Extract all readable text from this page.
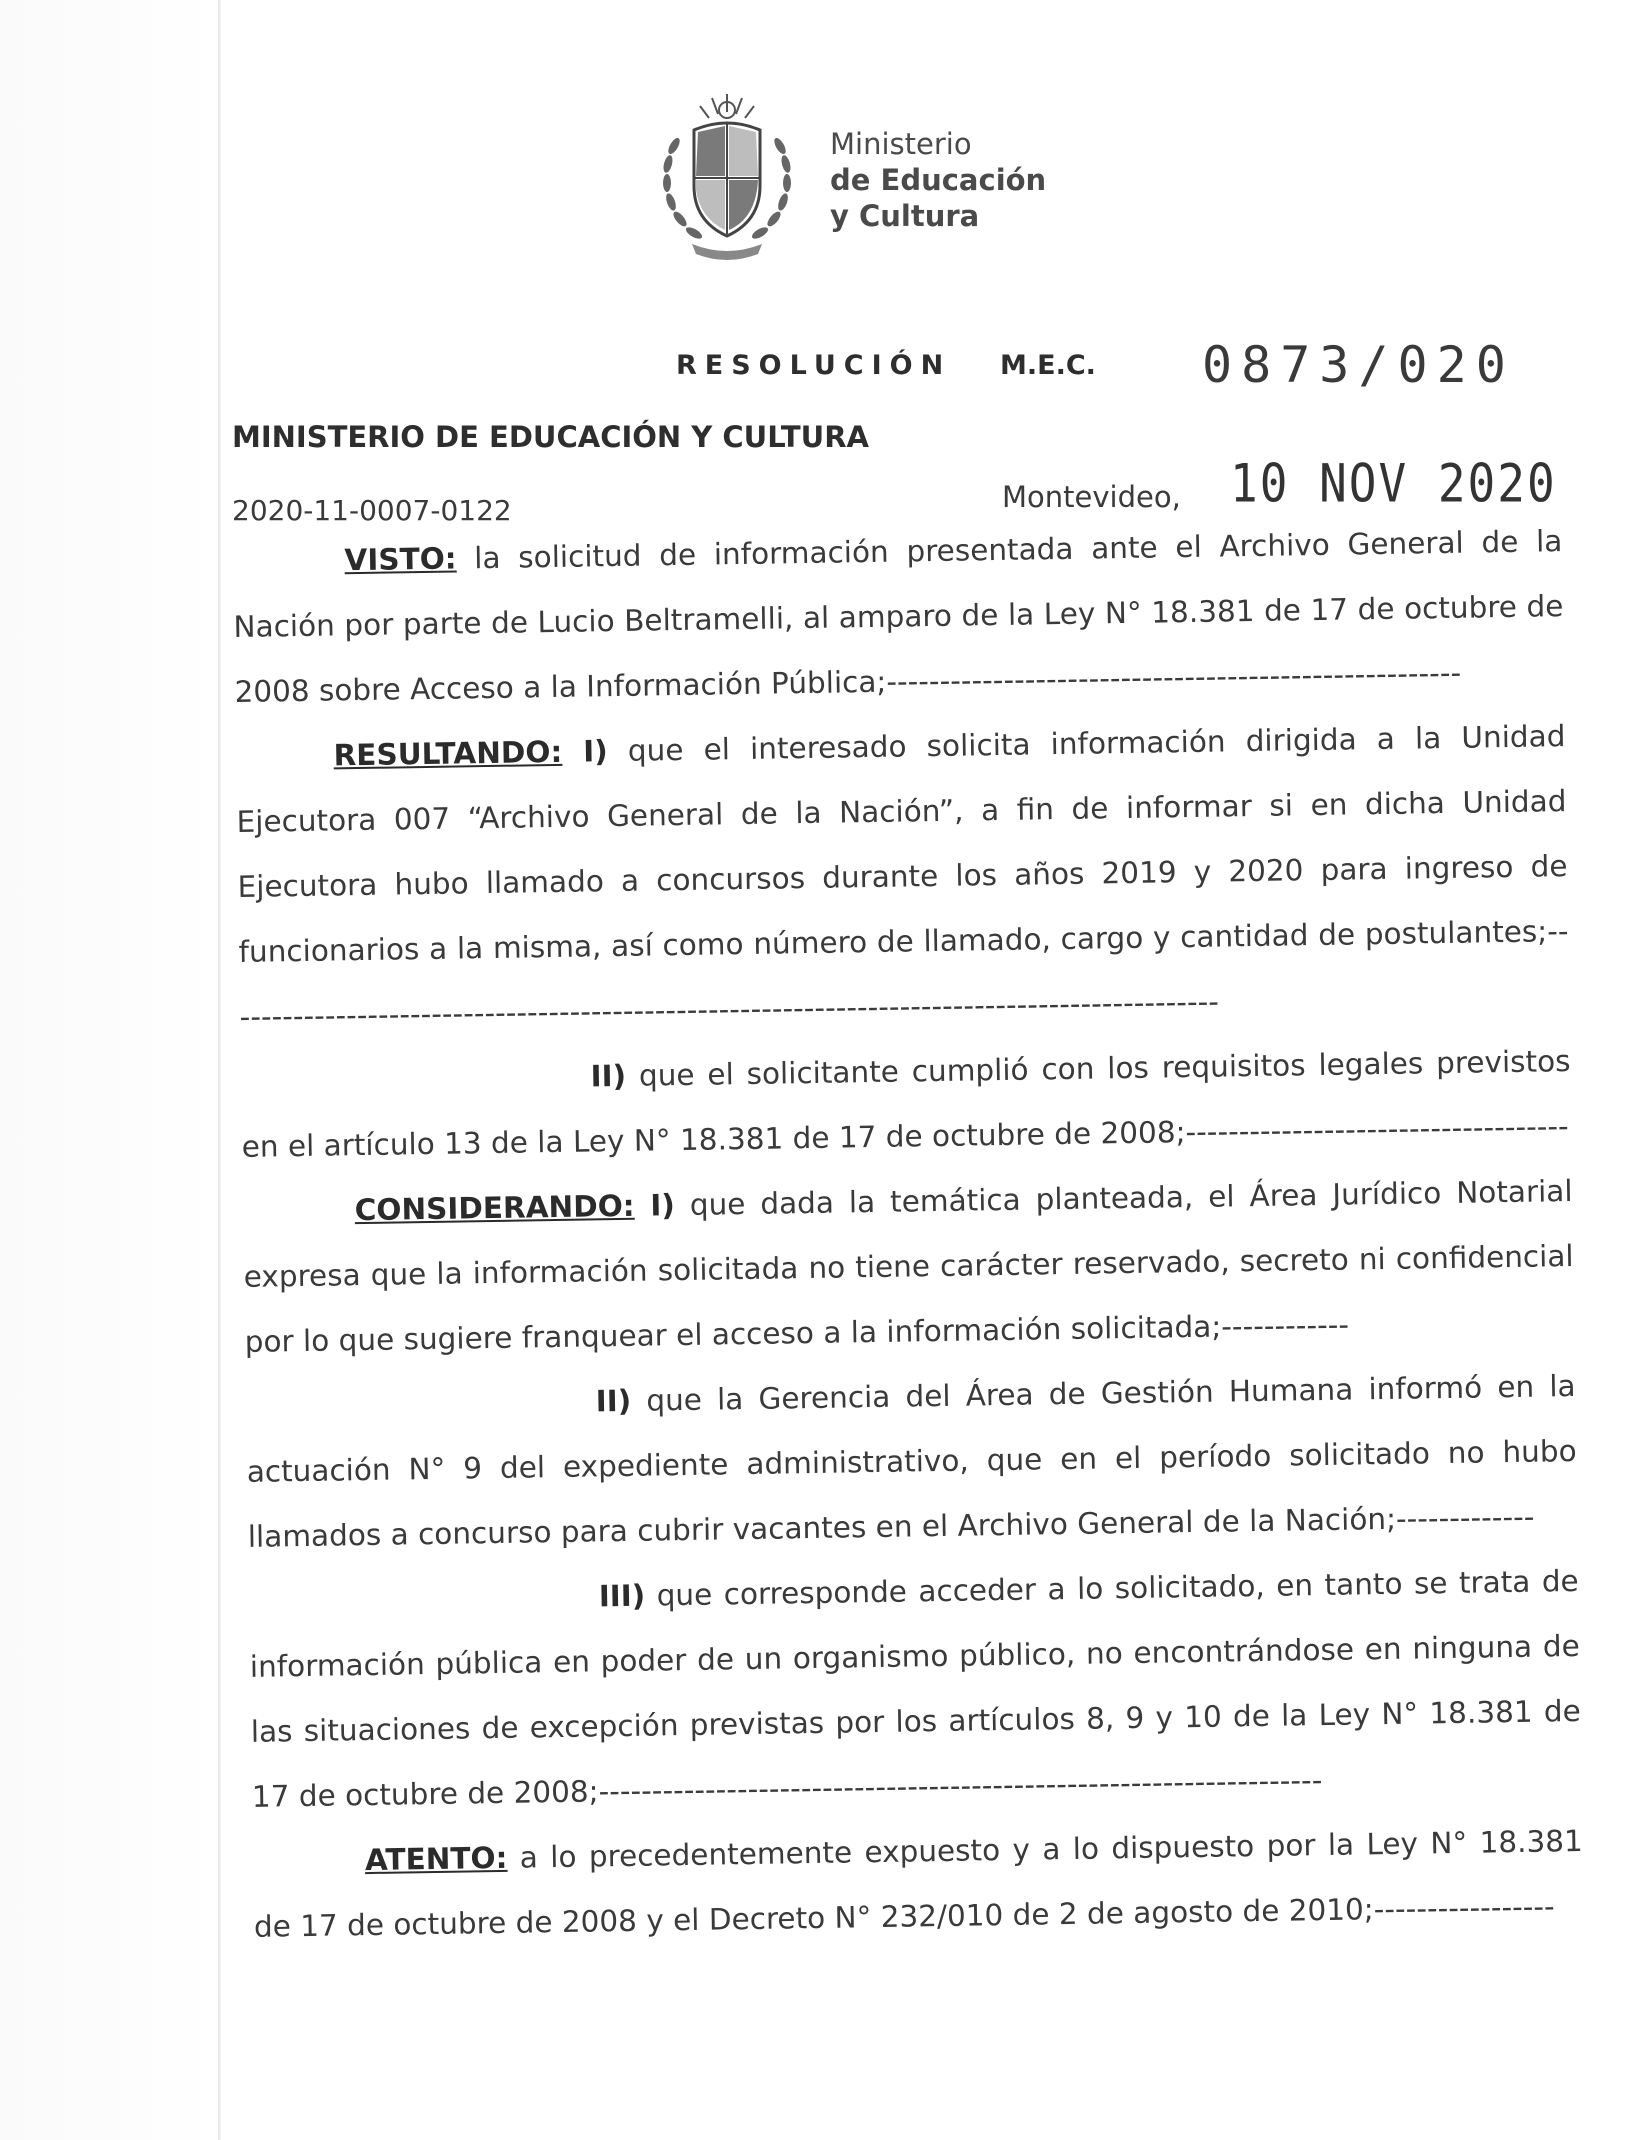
Ministerio
de Educación
y Cultura
RESOLUCIÓN M.E.C. 0873/020
MINISTERIO DE EDUCACIÓN Y CULTURA
2020-11-0007-0122	Montevideo, 10 NOV 2020

VISTO: la solicitud de información presentada ante el Archivo General de la Nación por parte de Lucio Beltramelli, al amparo de la Ley N° 18.381 de 17 de octubre de 2008 sobre Acceso a la Información Pública;------------------------------------------------------

RESULTANDO: I) que el interesado solicita información dirigida a la Unidad Ejecutora 007 “Archivo General de la Nación”, a fin de informar si en dicha Unidad Ejecutora hubo llamado a concursos durante los años 2019 y 2020 para ingreso de funcionarios a la misma, así como número de llamado, cargo y cantidad de postulantes;----------------------------------------------------------------------------------------------

II) que el solicitante cumplió con los requisitos legales previstos en el artículo 13 de la Ley N° 18.381 de 17 de octubre de 2008;------------------------------------

CONSIDERANDO: I) que dada la temática planteada, el Área Jurídico Notarial expresa que la información solicitada no tiene carácter reservado, secreto ni confidencial por lo que sugiere franquear el acceso a la información solicitada;------------

II) que la Gerencia del Área de Gestión Humana informó en la actuación N° 9 del expediente administrativo, que en el período solicitado no hubo llamados a concurso para cubrir vacantes en el Archivo General de la Nación;-------------

III) que corresponde acceder a lo solicitado, en tanto se trata de información pública en poder de un organismo público, no encontrándose en ninguna de las situaciones de excepción previstas por los artículos 8, 9 y 10 de la Ley N° 18.381 de 17 de octubre de 2008;--------------------------------------------------------------------

ATENTO: a lo precedentemente expuesto y a lo dispuesto por la Ley N° 18.381 de 17 de octubre de 2008 y el Decreto N° 232/010 de 2 de agosto de 2010;-----------------
